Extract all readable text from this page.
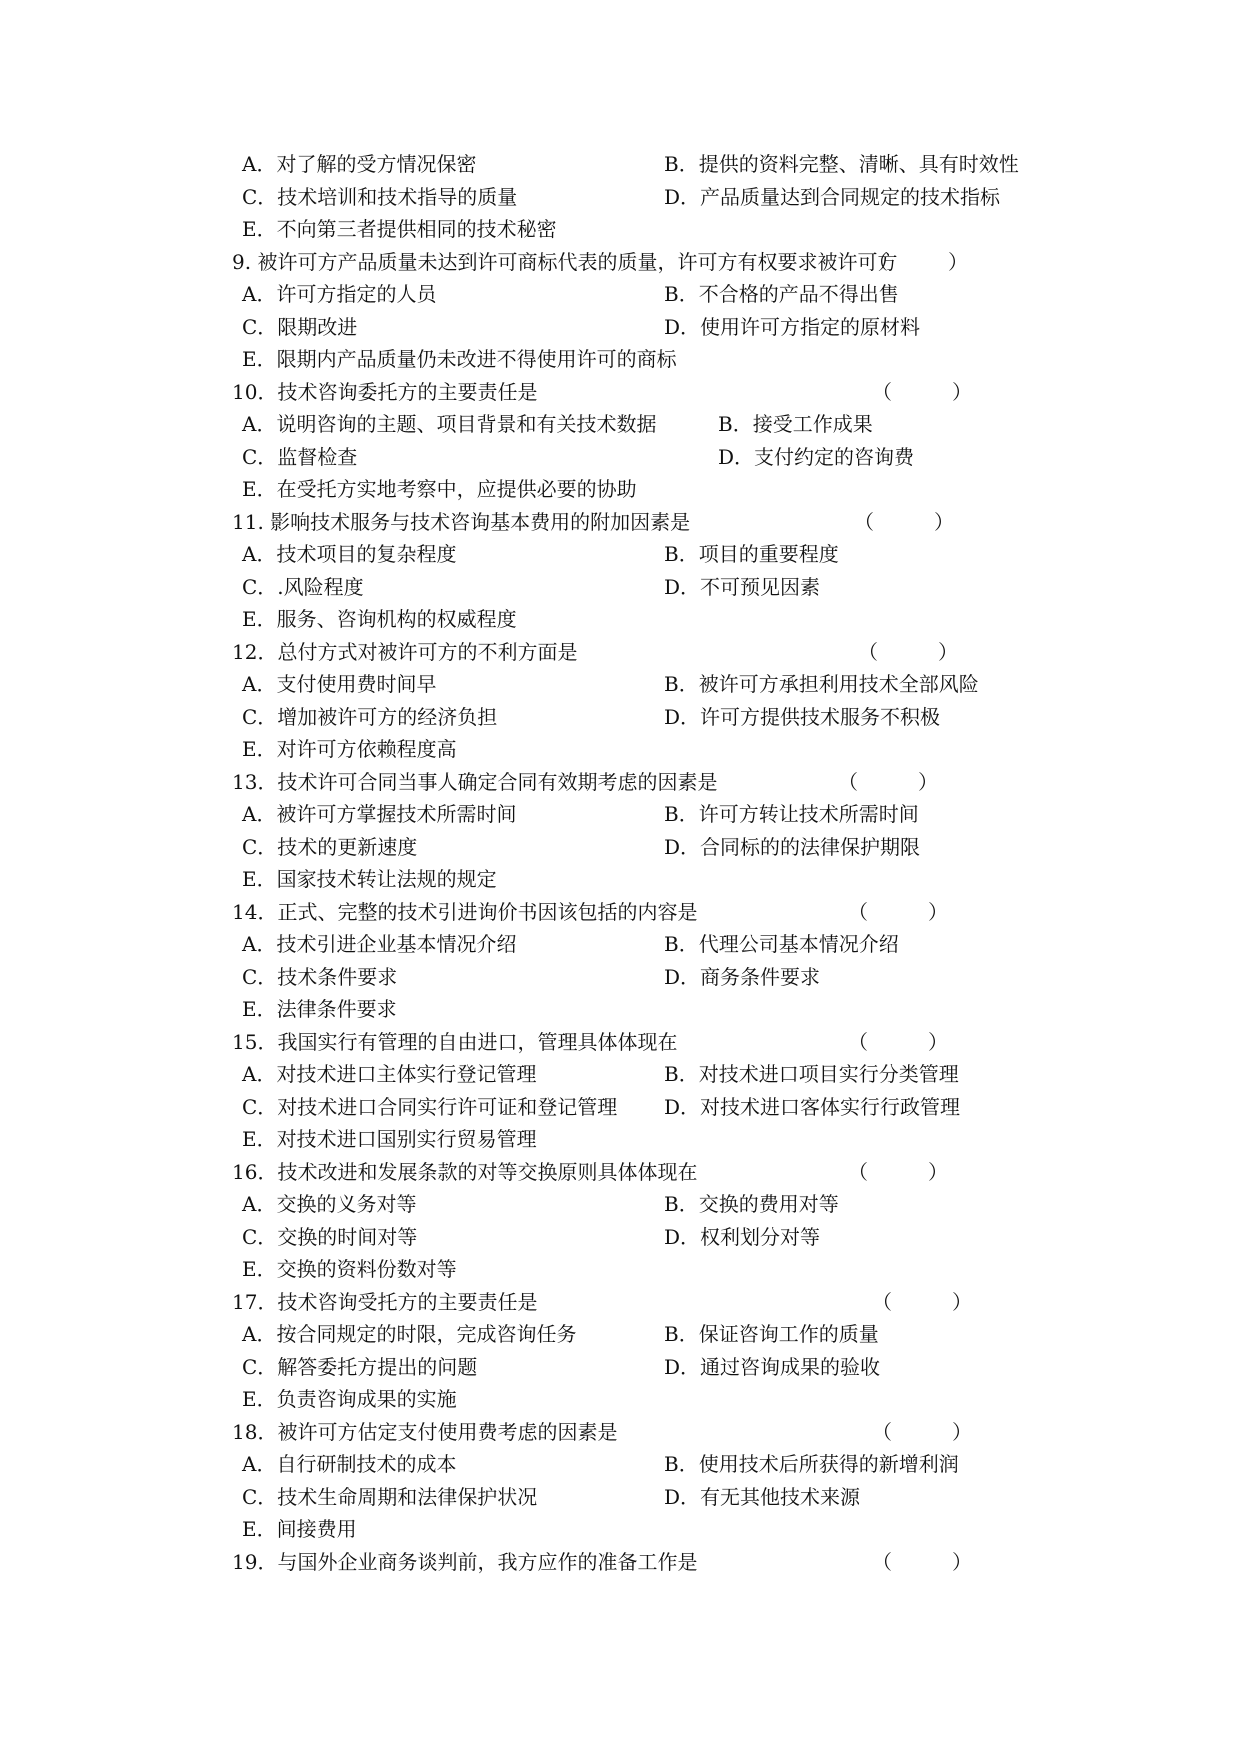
A．对了解的受方情况保密	B．提供的资料完整、清晰、具有时效性
C．技术培训和技术指导的质量	D．产品质量达到合同规定的技术指标
E．不向第三者提供相同的技术秘密
9. 被许可方产品质量未达到许可商标代表的质量，许可方有权要求被许可方
（　　　）
A．许可方指定的人员	B．不合格的产品不得出售
C．限期改进	D．使用许可方指定的原材料
E．限期内产品质量仍未改进不得使用许可的商标
10．技术咨询委托方的主要责任是	（　　　）
A．说明咨询的主题、项目背景和有关技术数据	B．接受工作成果
C．监督检查	D．支付约定的咨询费
E．在受托方实地考察中，应提供必要的协助
11. 影响技术服务与技术咨询基本费用的附加因素是	（　　　）
A．技术项目的复杂程度	B．项目的重要程度
C．.风险程度	D．不可预见因素
E．服务、咨询机构的权威程度
12．总付方式对被许可方的不利方面是	（　　　）
A．支付使用费时间早	B．被许可方承担利用技术全部风险
C．增加被许可方的经济负担	D．许可方提供技术服务不积极
E．对许可方依赖程度高
13．技术许可合同当事人确定合同有效期考虑的因素是	（　　　）
A．被许可方掌握技术所需时间	B．许可方转让技术所需时间
C．技术的更新速度	D．合同标的的法律保护期限
E．国家技术转让法规的规定
14．正式、完整的技术引进询价书因该包括的内容是	（　　　）
A．技术引进企业基本情况介绍	B．代理公司基本情况介绍
C．技术条件要求	D．商务条件要求
E．法律条件要求
15．我国实行有管理的自由进口，管理具体体现在	（　　　）
A．对技术进口主体实行登记管理	B．对技术进口项目实行分类管理
C．对技术进口合同实行许可证和登记管理	D．对技术进口客体实行行政管理
E．对技术进口国别实行贸易管理
16．技术改进和发展条款的对等交换原则具体体现在	（　　　）
A．交换的义务对等	B．交换的费用对等
C．交换的时间对等	D．权利划分对等
E．交换的资料份数对等
17．技术咨询受托方的主要责任是	（　　　）
A．按合同规定的时限，完成咨询任务	B．保证咨询工作的质量
C．解答委托方提出的问题	D．通过咨询成果的验收
E．负责咨询成果的实施
18．被许可方估定支付使用费考虑的因素是	（　　　）
A．自行研制技术的成本	B．使用技术后所获得的新增利润
C．技术生命周期和法律保护状况	D．有无其他技术来源
E．间接费用
19．与国外企业商务谈判前，我方应作的准备工作是	（　　　）
